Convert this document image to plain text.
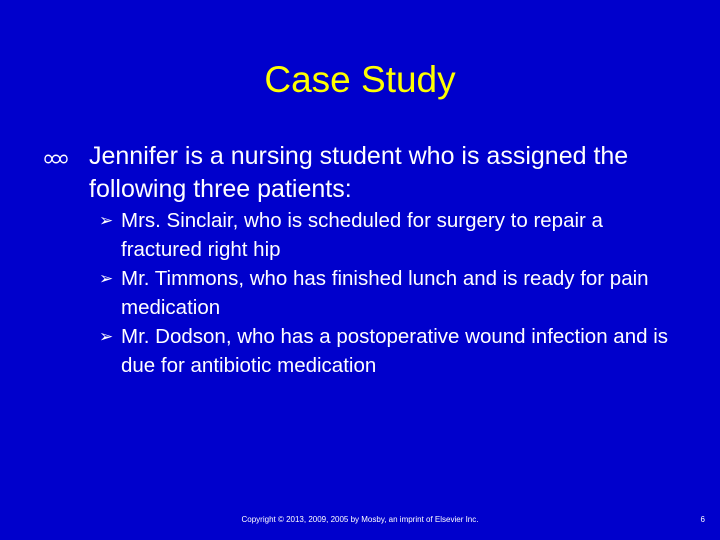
Case Study
Jennifer is a nursing student who is assigned the following three patients:
➢ Mrs. Sinclair, who is scheduled for surgery to repair a fractured right hip
➢ Mr. Timmons, who has finished lunch and is ready for pain medication
➢ Mr. Dodson, who has a postoperative wound infection and is due for antibiotic medication
Copyright © 2013, 2009, 2005 by Mosby, an imprint of Elsevier Inc.	6
